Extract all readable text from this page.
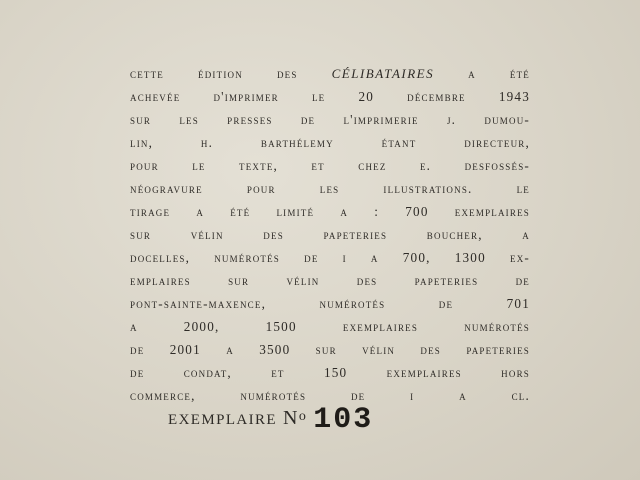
cette édition des CÉLIBATAIRES a été
achevée d'imprimer le 20 décembre 1943
sur les presses de l'imprimerie j. dumou-
lin, h. barthélemy étant directeur,
pour le texte, et chez e. desfossés-
néogravure pour les illustrations. le
tirage a été limité a : 700 exemplaires
sur vélin des papeteries boucher, a
docelles, numérotés de i a 700, 1300 ex-
emplaires sur vélin des papeteries de
pont-sainte-maxence, numérotés de 701
a 2000, 1500 exemplaires numérotés
de 2001 a 3500 sur vélin des papeteries
de condat, et 150 exemplaires hors
commerce, numérotés de i a cl.
exemplaire $N^o$ 103
